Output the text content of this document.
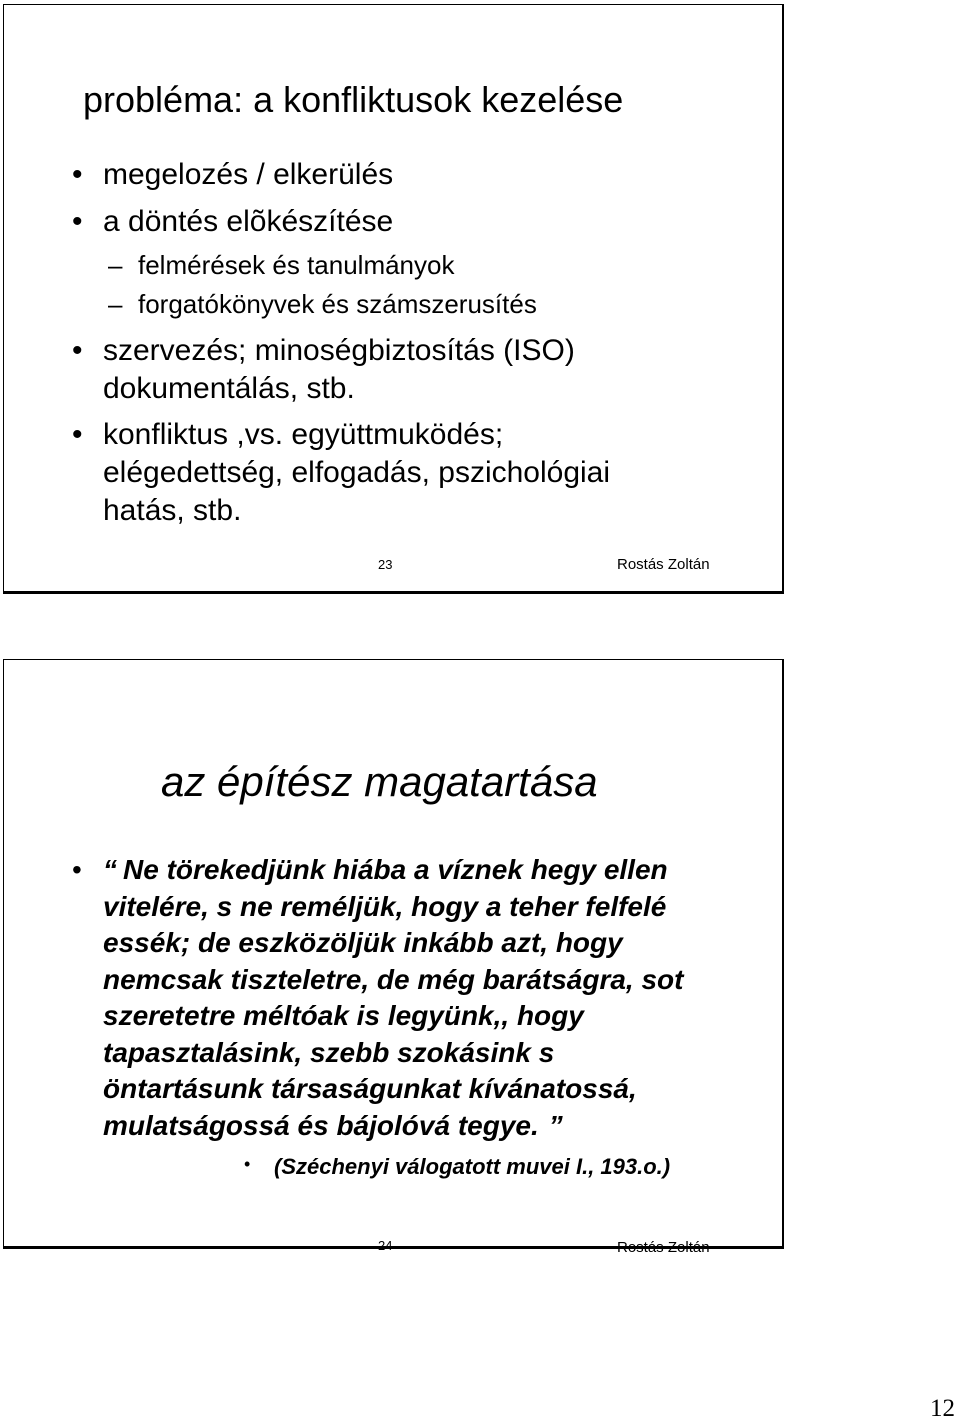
probléma: a konfliktusok kezelése
• megelozés / elkerülés
• a döntés elõkészítése
– felmérések és tanulmányok
– forgatókönyvek és számszerusítés
• szervezés; minoségbiztosítás (ISO)
dokumentálás, stb.
• konfliktus ,vs. együttmuködés;
elégedettség, elfogadás, pszichológiai
hatás, stb.
23	Rostás Zoltán
az építész magatartása
• “ Ne törekedjünk hiába a víznek hegy ellen
vitelére, s ne reméljük, hogy a teher felfelé
essék; de eszközöljük inkább azt, hogy
nemcsak tiszteletre, de még barátságra, sot
szeretetre méltóak is legyünk,, hogy
tapasztalásink, szebb szokásink s
öntartásunk társaságunkat kívánatossá,
mulatságossá és bájolóvá tegye. ”
• (Széchenyi válogatott muvei I., 193.o.)
24	Rostás Zoltán
12
